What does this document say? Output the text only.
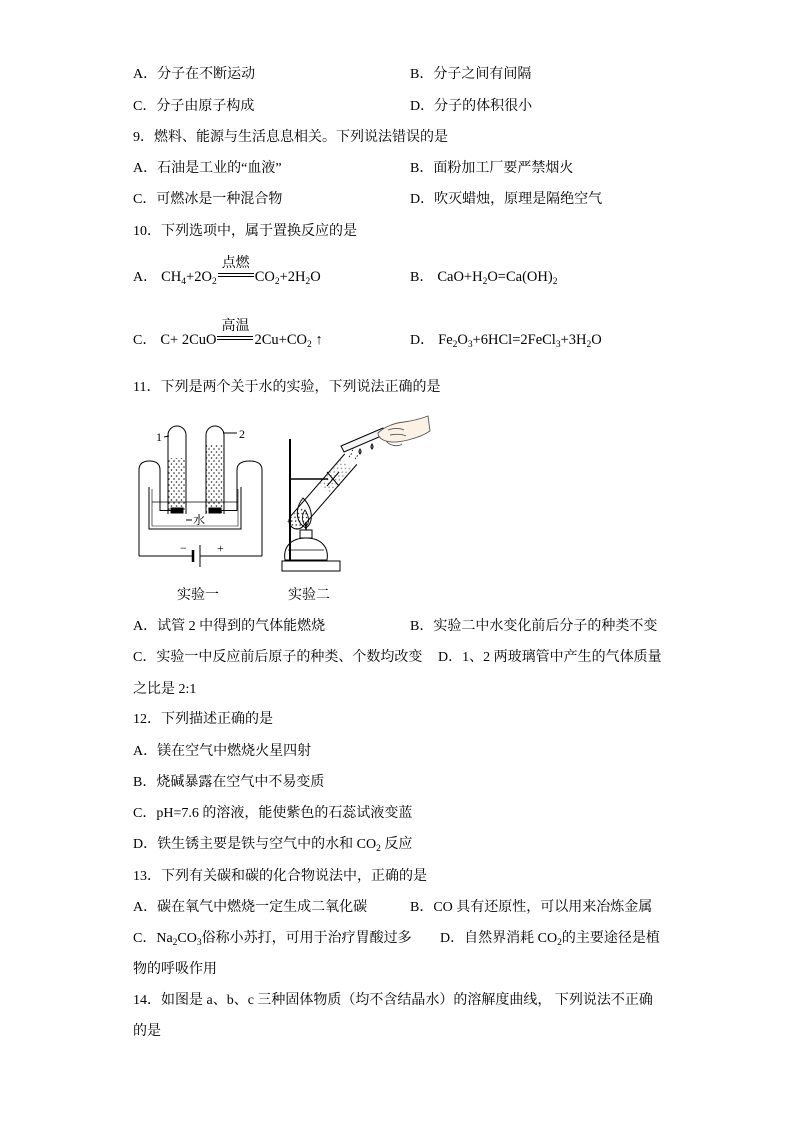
A．分子在不断运动	B．分子之间有间隔
C．分子由原子构成	D．分子的体积很小
9．燃料、能源与生活息息相关。下列说法错误的是
A．石油是工业的“血液”	B．面粉加工厂要严禁烟火
C．可燃冰是一种混合物	D．吹灭蜡烛，原理是隔绝空气
10．下列选项中，属于置换反应的是
A． $CH_4+2O_2$
点燃
$CO_2+2H_2O$	B． $CaO+H_2O=Ca(OH)_2$
C． C+ 2CuO
高温
$2Cu+CO_2$ ↑	D． $Fe_2O_3+6HCl=2FeCl_3+3H_2O$
11．下列是两个关于水的实验，下列说法正确的是
1	2
水
−	+
实验一	实验二
A．试管 2 中得到的气体能燃烧	B．实验二中水变化前后分子的种类不变
C．实验一中反应前后原子的种类、个数均改变 D．1、2 两玻璃管中产生的气体质量
之比是 2:1
12．下列描述正确的是
A．镁在空气中燃烧火星四射
B．烧碱暴露在空气中不易变质
C．pH=7.6 的溶液，能使紫色的石蕊试液变蓝
D．铁生锈主要是铁与空气中的水和 $CO_2$ 反应
13．下列有关碳和碳的化合物说法中，正确的是
A．碳在氧气中燃烧一定生成二氧化碳	B．CO 具有还原性，可以用来冶炼金属
C．$Na_2CO_3$俗称小苏打，可用于治疗胃酸过多 D．自然界消耗 $CO_2$的主要途径是植
物的呼吸作用
14．如图是 a、b、c 三种固体物质（均不含结晶水）的溶解度曲线， 下列说法不正确
的是
